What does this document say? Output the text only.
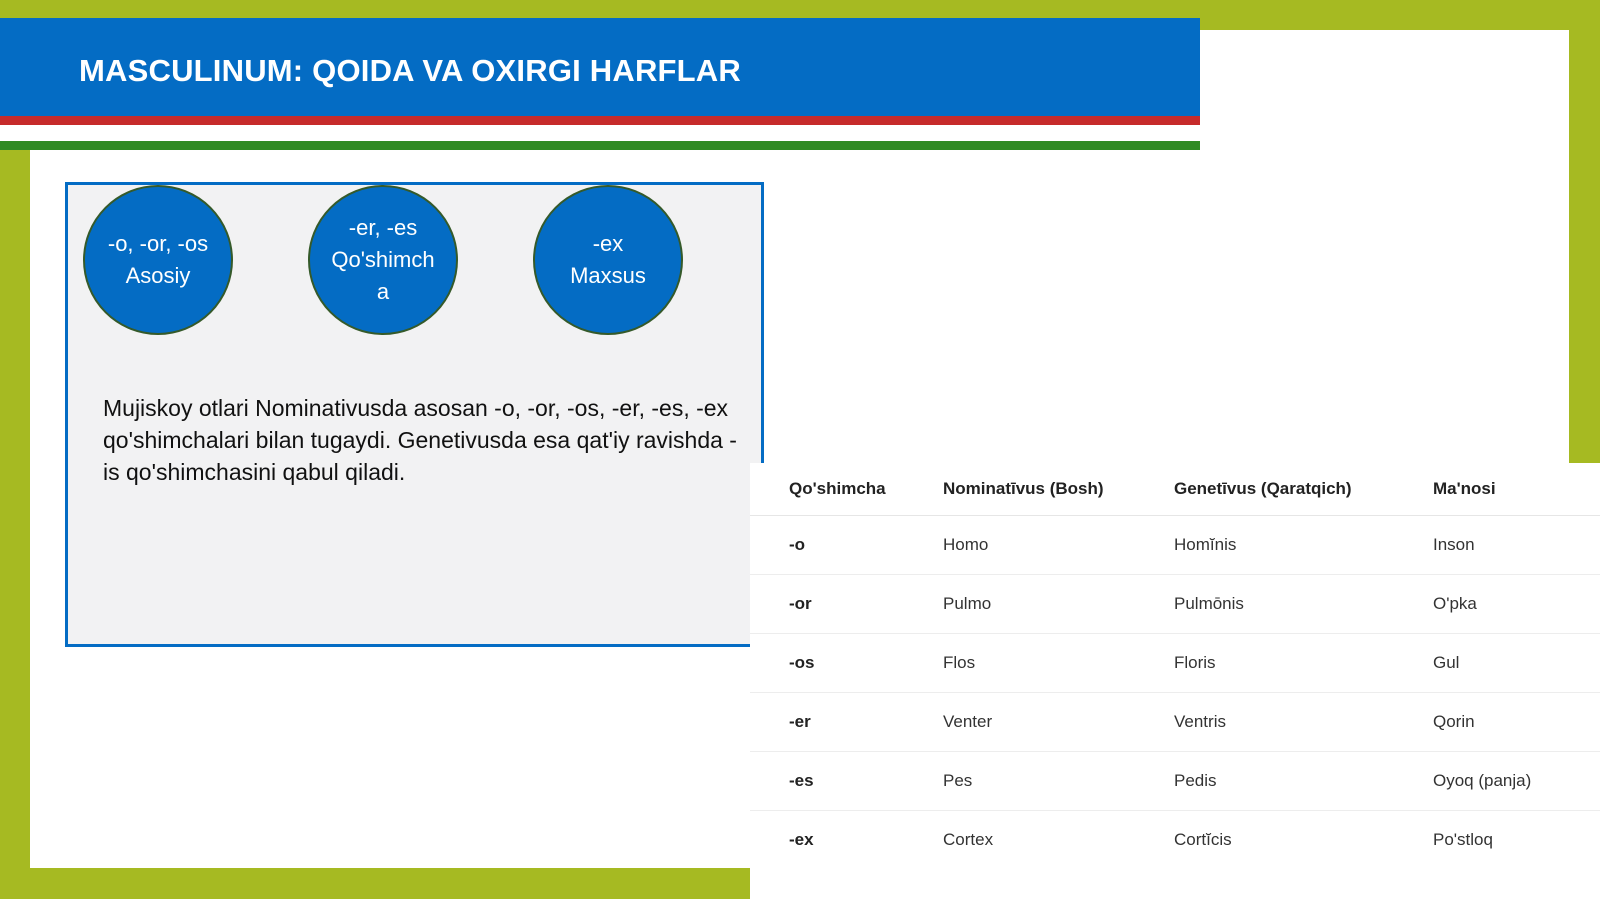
MASCULINUM: QOIDA VA OXIRGI HARFLAR
-o, -or, -os
Asosiy
-er, -es
Qo'shimch
a
-ex
Maxsus

Mujiskoy otlari Nominativusda asosan -o, -or, -os, -er, -es, -ex qo'shimchalari bilan tugaydi. Genetivusda esa qat'iy ravishda -is qo'shimchasini qabul qiladi.

Qo'shimcha	Nominatīvus (Bosh)	Genetīvus (Qaratqich)	Ma'nosi
-o	Homo	Homĭnis	Inson
-or	Pulmo	Pulmōnis	O'pka
-os	Flos	Floris	Gul
-er	Venter	Ventris	Qorin
-es	Pes	Pedis	Oyoq (panja)
-ex	Cortex	Cortĭcis	Po'stloq
